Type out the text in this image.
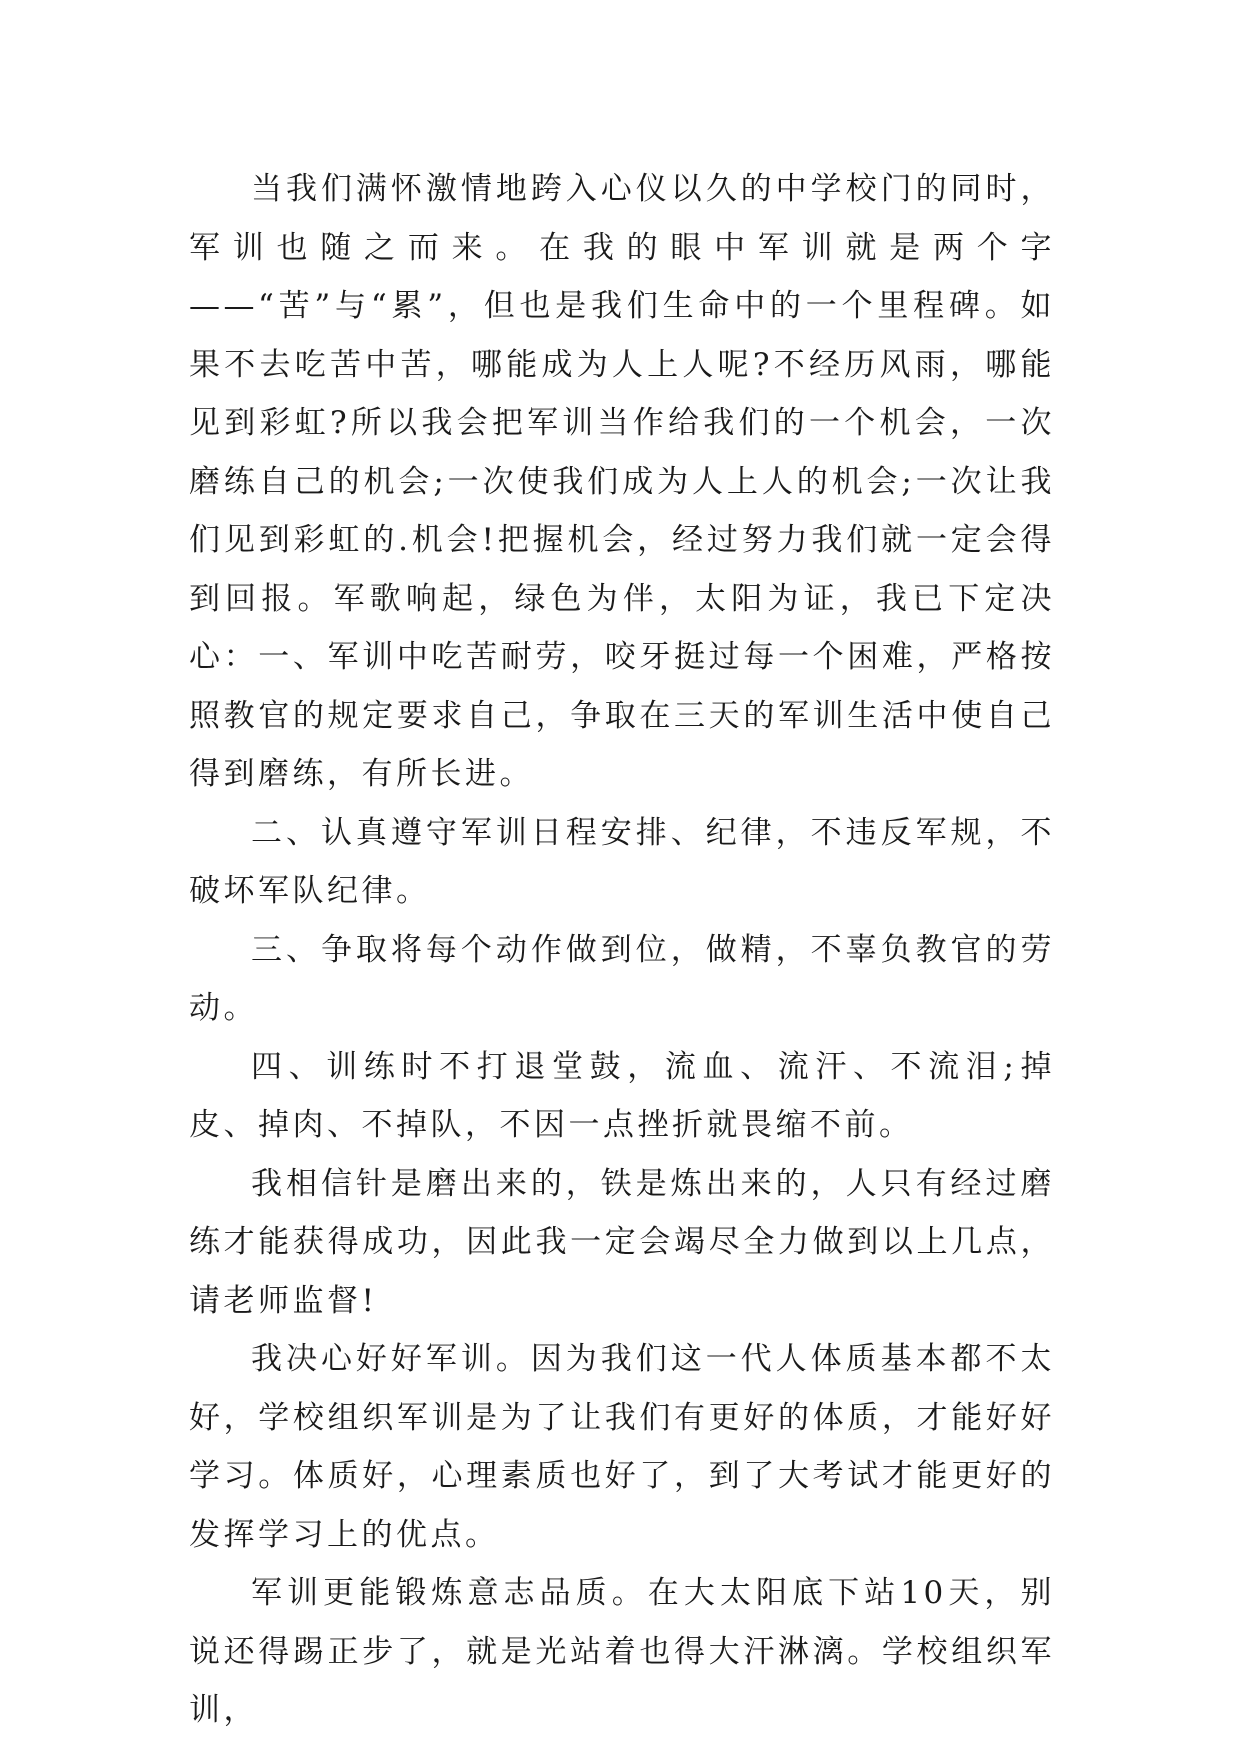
当我们满怀激情地跨入心仪以久的中学校门的同时，军训也随之而来。在我的眼中军训就是两个字——“苦”与“累”，但也是我们生命中的一个里程碑。如果不去吃苦中苦，哪能成为人上人呢?不经历风雨，哪能见到彩虹?所以我会把军训当作给我们的一个机会，一次磨练自己的机会;一次使我们成为人上人的机会;一次让我们见到彩虹的.机会!把握机会，经过努力我们就一定会得到回报。军歌响起，绿色为伴，太阳为证，我已下定决心：一、军训中吃苦耐劳，咬牙挺过每一个困难，严格按照教官的规定要求自己，争取在三天的军训生活中使自己得到磨练，有所长进。

二、认真遵守军训日程安排、纪律，不违反军规，不破坏军队纪律。

三、争取将每个动作做到位，做精，不辜负教官的劳动。

四、训练时不打退堂鼓，流血、流汗、不流泪;掉皮、掉肉、不掉队，不因一点挫折就畏缩不前。

我相信针是磨出来的，铁是炼出来的，人只有经过磨练才能获得成功，因此我一定会竭尽全力做到以上几点，请老师监督!

我决心好好军训。因为我们这一代人体质基本都不太好，学校组织军训是为了让我们有更好的体质，才能好好学习。体质好，心理素质也好了，到了大考试才能更好的发挥学习上的优点。

军训更能锻炼意志品质。在大太阳底下站10天，别说还得踢正步了，就是光站着也得大汗淋漓。学校组织军训，
